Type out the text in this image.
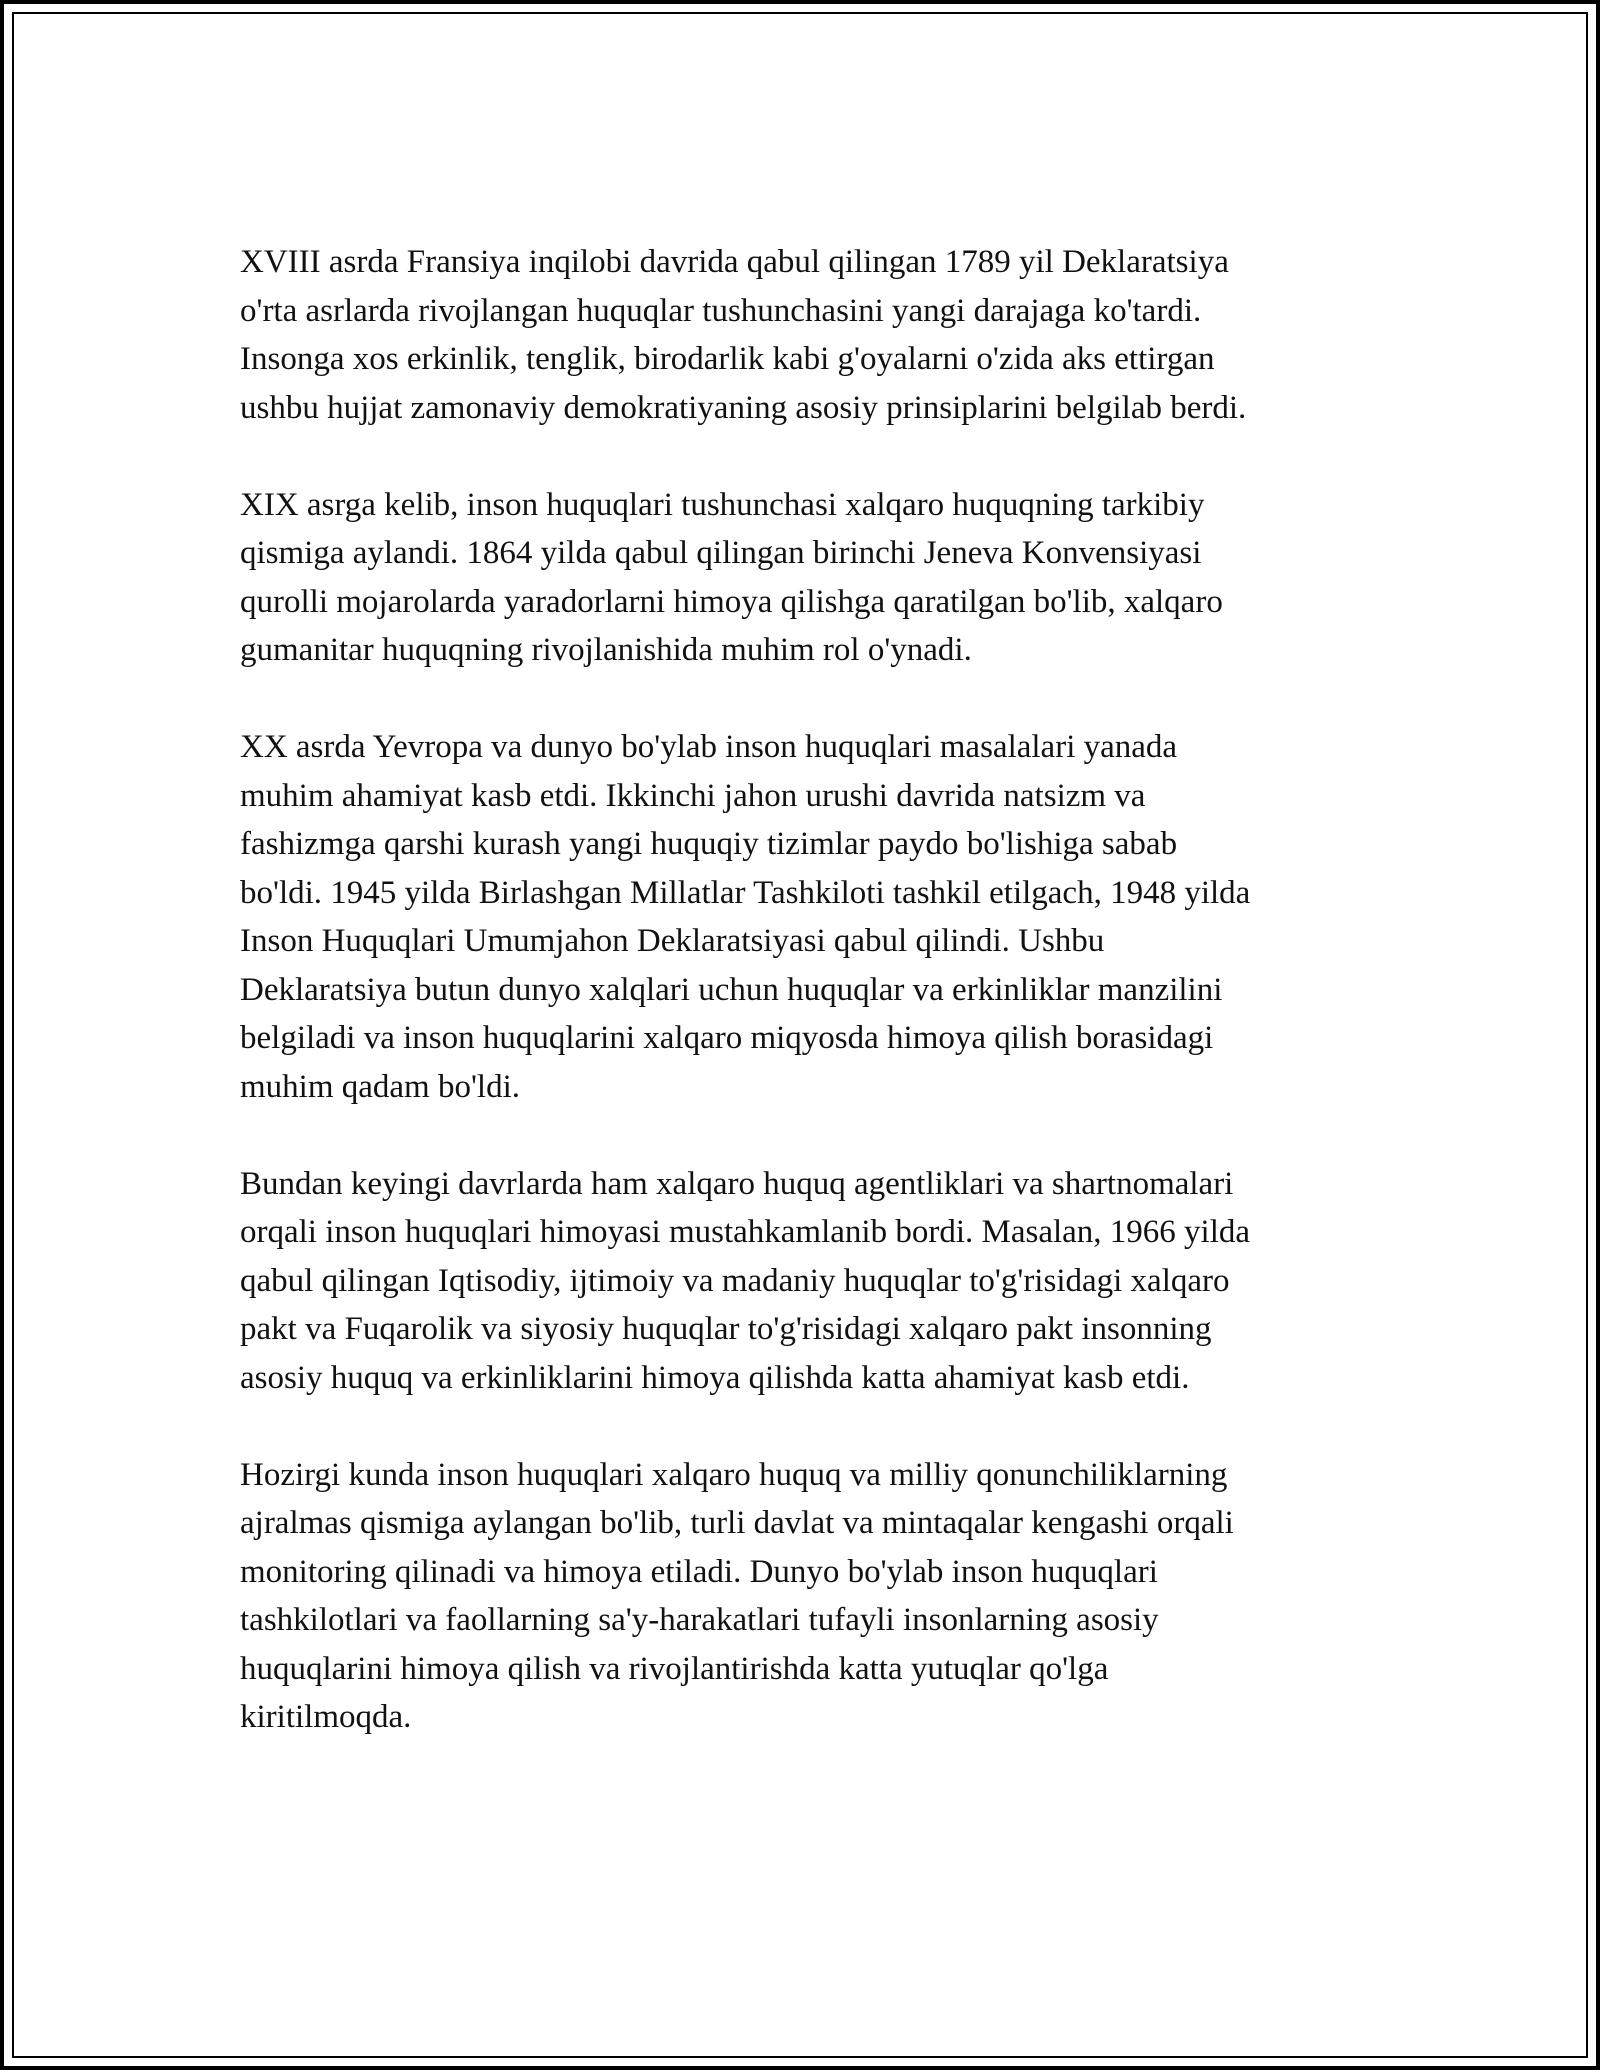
XVIII asrda Fransiya inqilobi davrida qabul qilingan 1789 yil Deklaratsiya
o'rta asrlarda rivojlangan huquqlar tushunchasini yangi darajaga ko'tardi.
Insonga xos erkinlik, tenglik, birodarlik kabi g'oyalarni o'zida aks ettirgan
ushbu hujjat zamonaviy demokratiyaning asosiy prinsiplarini belgilab berdi.

XIX asrga kelib, inson huquqlari tushunchasi xalqaro huquqning tarkibiy
qismiga aylandi. 1864 yilda qabul qilingan birinchi Jeneva Konvensiyasi
qurolli mojarolarda yaradorlarni himoya qilishga qaratilgan bo'lib, xalqaro
gumanitar huquqning rivojlanishida muhim rol o'ynadi.

XX asrda Yevropa va dunyo bo'ylab inson huquqlari masalalari yanada
muhim ahamiyat kasb etdi. Ikkinchi jahon urushi davrida natsizm va
fashizmga qarshi kurash yangi huquqiy tizimlar paydo bo'lishiga sabab
bo'ldi. 1945 yilda Birlashgan Millatlar Tashkiloti tashkil etilgach, 1948 yilda
Inson Huquqlari Umumjahon Deklaratsiyasi qabul qilindi. Ushbu
Deklaratsiya butun dunyo xalqlari uchun huquqlar va erkinliklar manzilini
belgiladi va inson huquqlarini xalqaro miqyosda himoya qilish borasidagi
muhim qadam bo'ldi.

Bundan keyingi davrlarda ham xalqaro huquq agentliklari va shartnomalari
orqali inson huquqlari himoyasi mustahkamlanib bordi. Masalan, 1966 yilda
qabul qilingan Iqtisodiy, ijtimoiy va madaniy huquqlar to'g'risidagi xalqaro
pakt va Fuqarolik va siyosiy huquqlar to'g'risidagi xalqaro pakt insonning
asosiy huquq va erkinliklarini himoya qilishda katta ahamiyat kasb etdi.

Hozirgi kunda inson huquqlari xalqaro huquq va milliy qonunchiliklarning
ajralmas qismiga aylangan bo'lib, turli davlat va mintaqalar kengashi orqali
monitoring qilinadi va himoya etiladi. Dunyo bo'ylab inson huquqlari
tashkilotlari va faollarning sa'y-harakatlari tufayli insonlarning asosiy
huquqlarini himoya qilish va rivojlantirishda katta yutuqlar qo'lga
kiritilmoqda.
